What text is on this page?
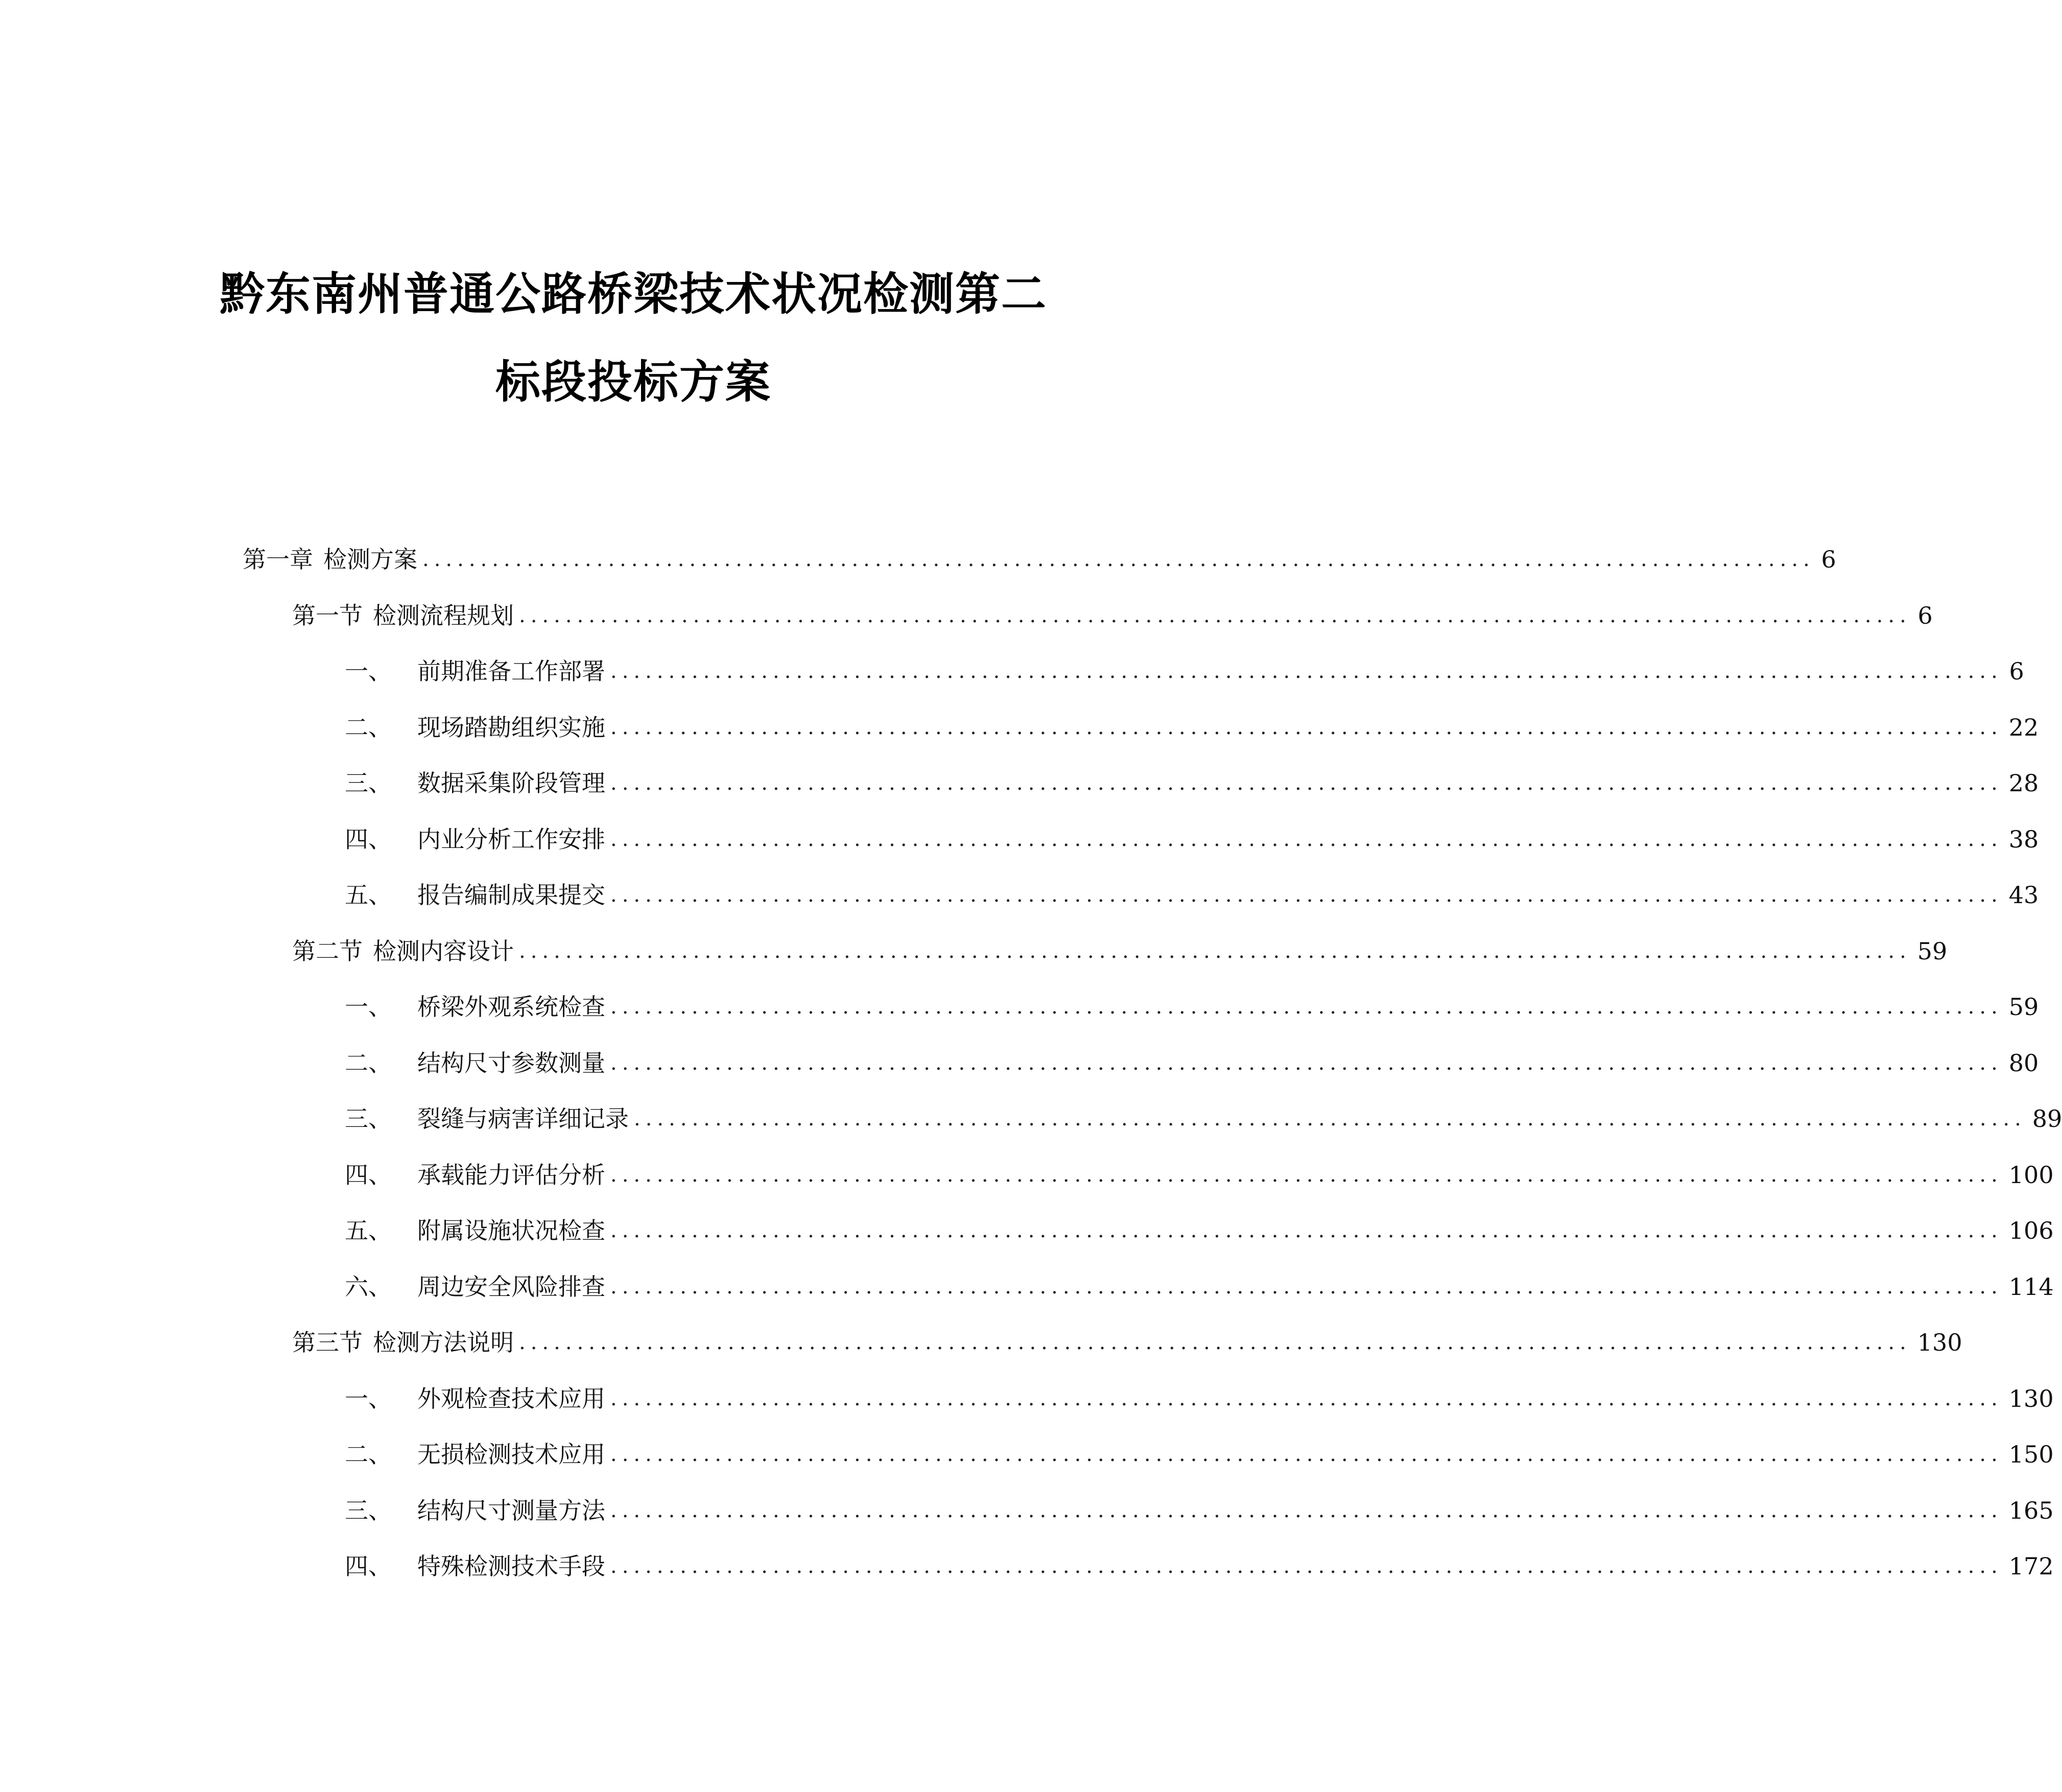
黔东南州普通公路桥梁技术状况检测第二
标段投标方案
第一章 检测方案 ........................................................................................................................ 6
第一节 检测流程规划 ........................................................................................................................ 6
一、 前期准备工作部署 ........................................................................................................................ 6
二、 现场踏勘组织实施 ........................................................................................................................ 22
三、 数据采集阶段管理 ........................................................................................................................ 28
四、 内业分析工作安排 ........................................................................................................................ 38
五、 报告编制成果提交 ........................................................................................................................ 43
第二节 检测内容设计 ........................................................................................................................ 59
一、 桥梁外观系统检查 ........................................................................................................................ 59
二、 结构尺寸参数测量 ........................................................................................................................ 80
三、 裂缝与病害详细记录 ........................................................................................................................ 89
四、 承载能力评估分析 ........................................................................................................................ 100
五、 附属设施状况检查 ........................................................................................................................ 106
六、 周边安全风险排查 ........................................................................................................................ 114
第三节 检测方法说明 ........................................................................................................................ 130
一、 外观检查技术应用 ........................................................................................................................ 130
二、 无损检测技术应用 ........................................................................................................................ 150
三、 结构尺寸测量方法 ........................................................................................................................ 165
四、 特殊检测技术手段 ........................................................................................................................ 172
